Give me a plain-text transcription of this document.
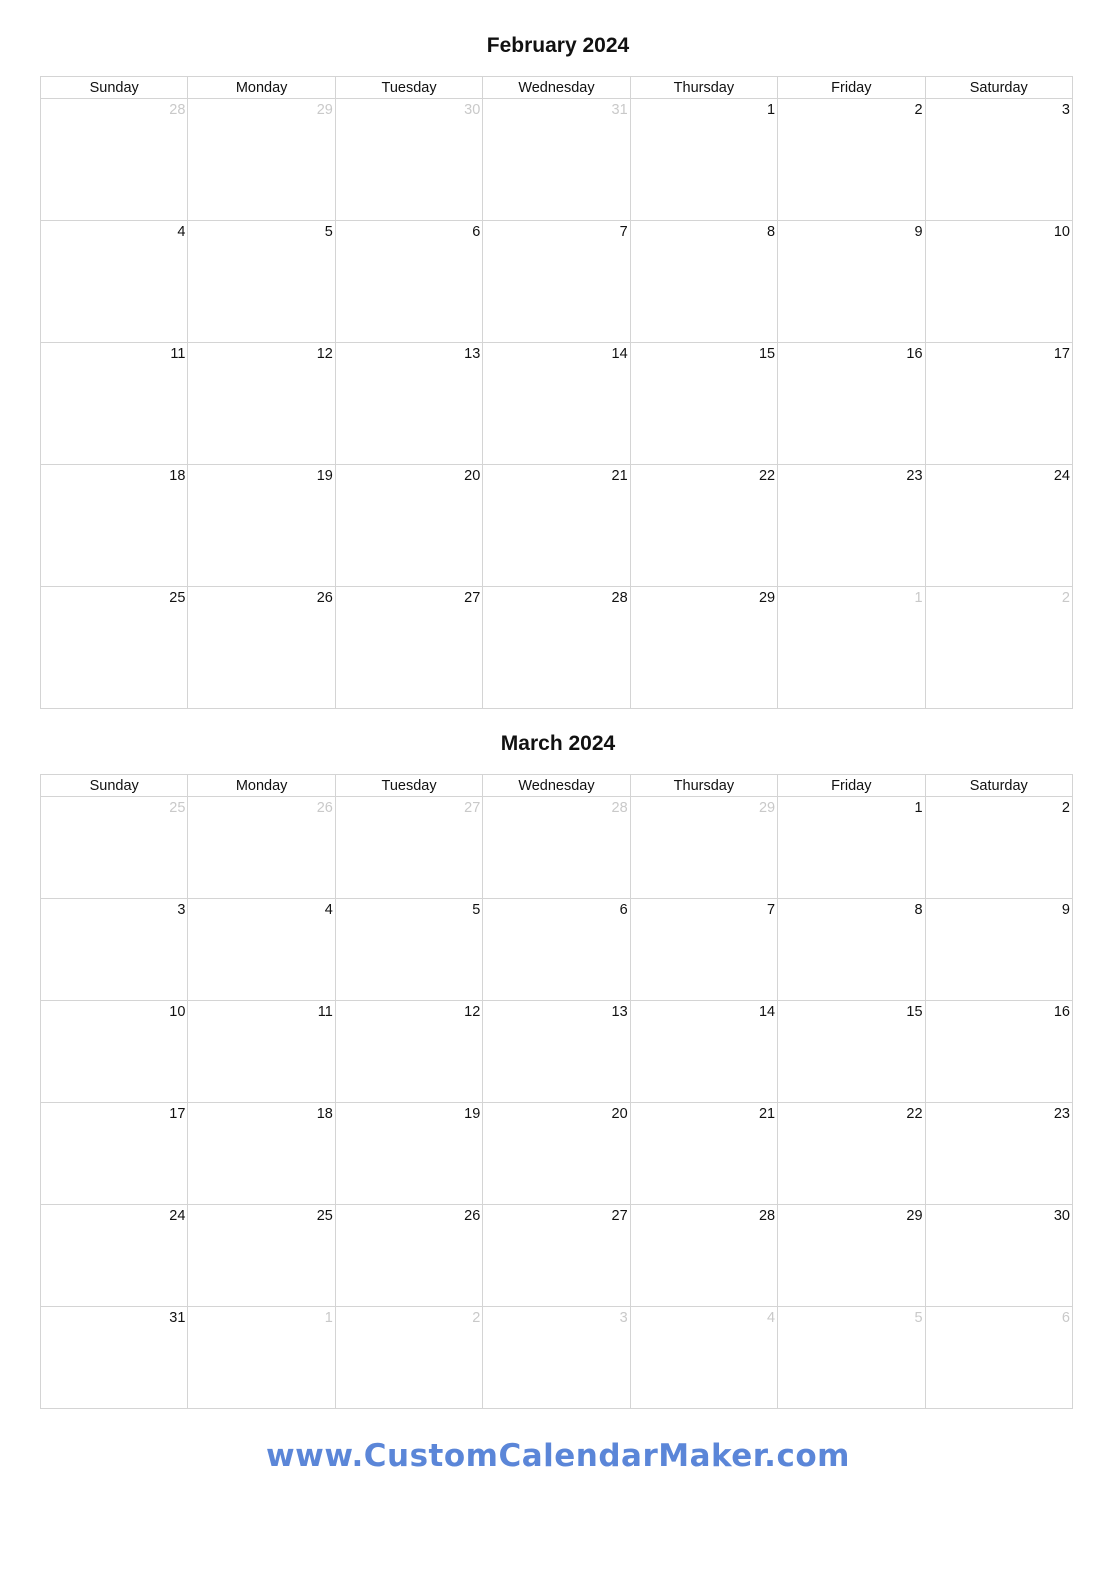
February 2024
Sunday	Monday	Tuesday	Wednesday	Thursday	Friday	Saturday

28	29	30	31	1	2	3

4	5	6	7	8	9	10

11	12	13	14	15	16	17

18	19	20	21	22	23	24

25	26	27	28	29	1	2
March 2024
Sunday	Monday	Tuesday	Wednesday	Thursday	Friday	Saturday

25	26	27	28	29	1	2

3	4	5	6	7	8	9

10	11	12	13	14	15	16

17	18	19	20	21	22	23

24	25	26	27	28	29	30

31	1	2	3	4	5	6
www.CustomCalendarMaker.com
